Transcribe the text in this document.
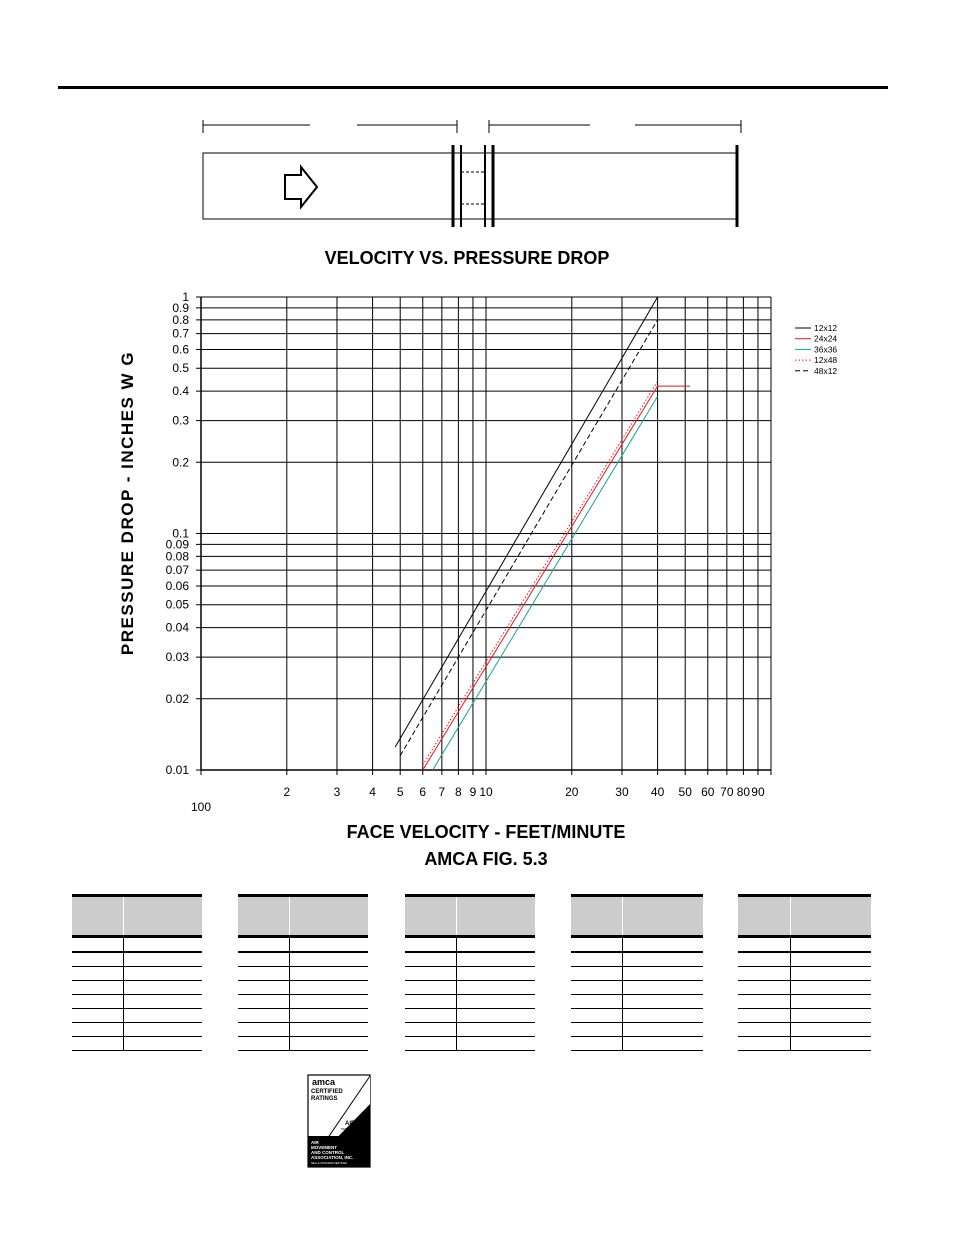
VELOCITY VS. PRESSURE DROP
PRESSURE DROP - INCHES W G
2	3 4 5 6 7 8 9 10	20	30 40 50 60 70 80 90
0.01
0.02
0.03
0.04
0.05
0.06
0.07
0.08
0.09
0.1
0.2
0.3
0.4
0.5
0.6
0.7
0.8
0.9
1
12x12
24x24
36x36
12x48
48x12
100
FACE VELOCITY - FEET/MINUTE
AMCA FIG. 5.3

amca
CERTIFIED
RATINGS
AIR
PERFORMANCE
AIR
MOVEMENT
AND CONTROL
ASSOCIATION, INC.
SEAL & PROGRAM CERTIFIED
